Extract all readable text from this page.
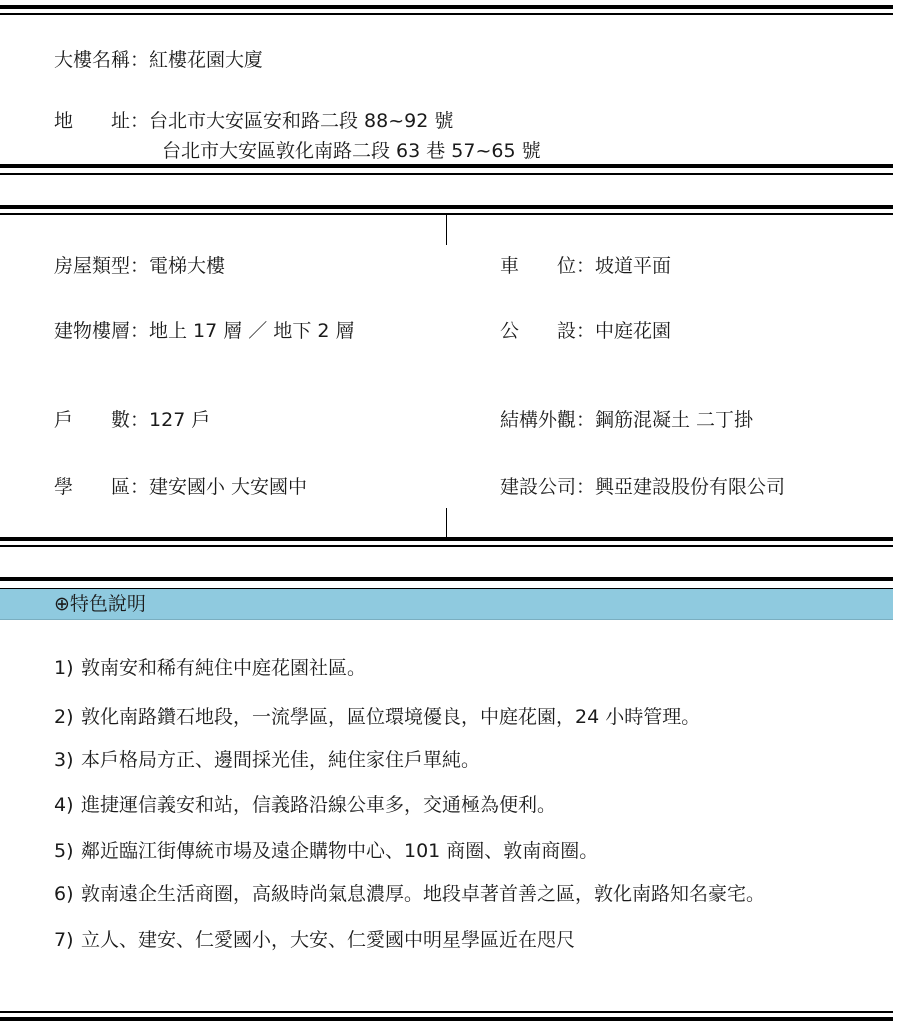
大樓名稱：紅樓花園大廈
地　　址：台北市大安區安和路二段 88~92 號
台北市大安區敦化南路二段 63 巷 57~65 號
房屋類型：電梯大樓
建物樓層：地上 17 層 ／ 地下 2 層
戶　　數：127 戶
學　　區：建安國小 大安國中
車　　位：坡道平面
公　　設：中庭花園
結構外觀：鋼筋混凝土 二丁掛
建設公司：興亞建設股份有限公司
⊕特色說明
1) 敦南安和稀有純住中庭花園社區。
2) 敦化南路鑽石地段，一流學區，區位環境優良，中庭花園，24 小時管理。
3) 本戶格局方正、邊間採光佳，純住家住戶單純。
4) 進捷運信義安和站，信義路沿線公車多，交通極為便利。
5) 鄰近臨江街傳統市場及遠企購物中心、101 商圈、敦南商圈。
6) 敦南遠企生活商圈，高級時尚氣息濃厚。地段卓著首善之區，敦化南路知名豪宅。
7) 立人、建安、仁愛國小，大安、仁愛國中明星學區近在咫尺
